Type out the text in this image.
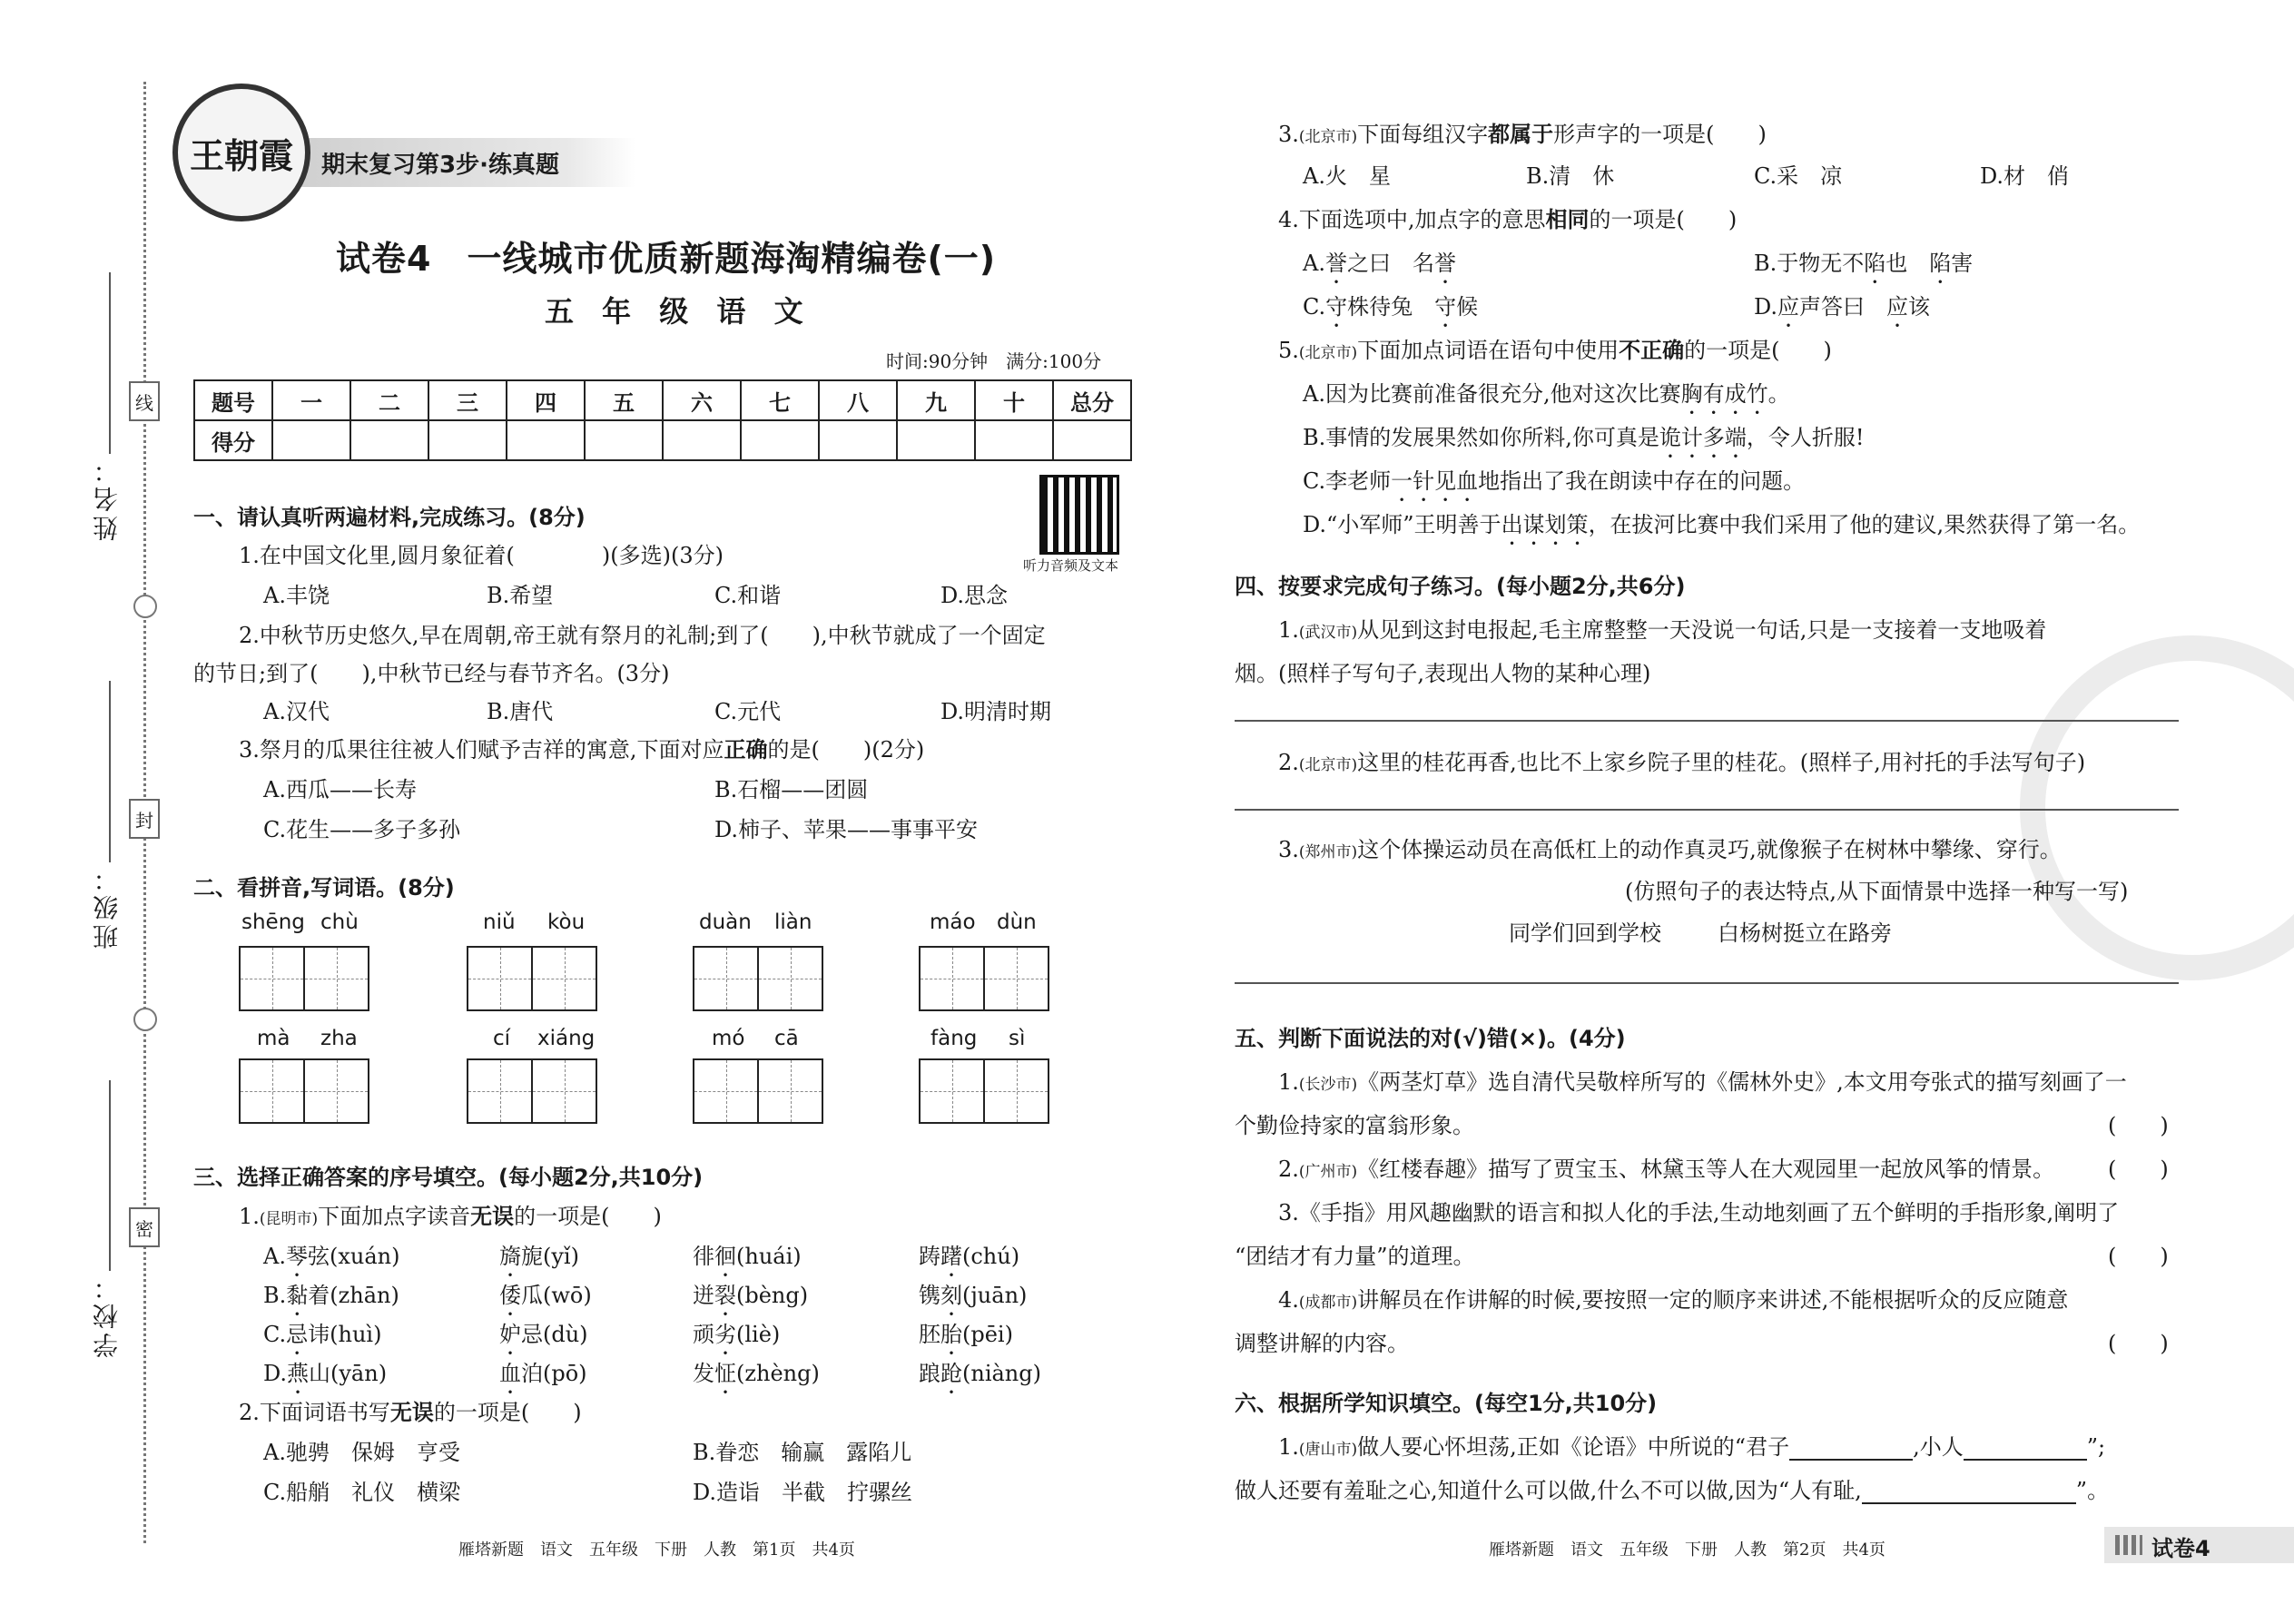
姓名：
班级：
学校：
线
封
密
期末复习第3步·练真题
王朝霞
试卷4　一线城市优质新题海淘精编卷(一)
五 年 级 语 文
时间:90分钟　满分:100分
题号	一	二	三	四	五	六	七	八	九	十	总分
得分											
听力音频及文本
一、请认真听两遍材料,完成练习。(8分)
1.在中国文化里,圆月象征着(　　　　)(多选)(3分)
A.丰饶	B.希望	C.和谐	D.思念
2.中秋节历史悠久,早在周朝,帝王就有祭月的礼制;到了(　　),中秋节就成了一个固定
的节日;到了(　　),中秋节已经与春节齐名。(3分)
A.汉代	B.唐代	C.元代	D.明清时期
3.祭月的瓜果往往被人们赋予吉祥的寓意,下面对应正确的是(　　)(2分)
A.西瓜——长寿	B.石榴——团圆
C.花生——多子多孙	D.柿子、苹果——事事平安
二、看拼音,写词语。(8分)
shēng chù	niǔ kòu	duàn liàn	máo dùn
mà zha	cí xiáng	mó cā	fàng sì
三、选择正确答案的序号填空。(每小题2分,共10分)
1.(昆明市)下面加点字读音无误的一项是(　　)
A.琴弦(xuán)	旖旎(yǐ)	徘徊(huái)	踌躇(chú)
B.黏着(zhān)	倭瓜(wō)	迸裂(bèng)	镌刻(juān)
C.忌讳(huì)	妒忌(dù)	顽劣(liè)	胚胎(pēi)
D.燕山(yān)	血泊(pō)	发怔(zhèng)	踉跄(niàng)
2.下面词语书写无误的一项是(　　)
A.驰骋　保姆　亨受	B.眷恋　输赢　露陷儿
C.船艄　礼仪　横梁	D.造诣　半截　拧骡丝
雁塔新题　语文　五年级　下册　人教　第1页　共4页
3.(北京市)下面每组汉字都属于形声字的一项是(　　)
A.火　星	B.清　休	C.采　凉	D.材　俏
4.下面选项中,加点字的意思相同的一项是(　　)
A.誉之曰　名誉	B.于物无不陷也　陷害
C.守株待兔　守候	D.应声答曰　应该
5.(北京市)下面加点词语在语句中使用不正确的一项是(　　)
A.因为比赛前准备很充分,他对这次比赛胸有成竹。
B.事情的发展果然如你所料,你可真是诡计多端，令人折服!
C.李老师一针见血地指出了我在朗读中存在的问题。
D.“小军师”王明善于出谋划策，在拔河比赛中我们采用了他的建议,果然获得了第一名。
四、按要求完成句子练习。(每小题2分,共6分)
1.(武汉市)从见到这封电报起,毛主席整整一天没说一句话,只是一支接着一支地吸着
烟。(照样子写句子,表现出人物的某种心理)
2.(北京市)这里的桂花再香,也比不上家乡院子里的桂花。(照样子,用衬托的手法写句子)
3.(郑州市)这个体操运动员在高低杠上的动作真灵巧,就像猴子在树林中攀缘、穿行。
(仿照句子的表达特点,从下面情景中选择一种写一写)
同学们回到学校	白杨树挺立在路旁
五、判断下面说法的对(√)错(×)。(4分)
1.(长沙市)《两茎灯草》选自清代吴敬梓所写的《儒林外史》,本文用夸张式的描写刻画了一
个勤俭持家的富翁形象。	(　　)
2.(广州市)《红楼春趣》描写了贾宝玉、林黛玉等人在大观园里一起放风筝的情景。 (　　)
3.《手指》用风趣幽默的语言和拟人化的手法,生动地刻画了五个鲜明的手指形象,阐明了
“团结才有力量”的道理。	(　　)
4.(成都市)讲解员在作讲解的时候,要按照一定的顺序来讲述,不能根据听众的反应随意
调整讲解的内容。	(　　)
六、根据所学知识填空。(每空1分,共10分)
1.(唐山市)做人要心怀坦荡,正如《论语》中所说的“君子	,小人	”;
做人还要有羞耻之心,知道什么可以做,什么不可以做,因为“人有耻,	”。
雁塔新题　语文　五年级　下册　人教　第2页　共4页	试卷4
